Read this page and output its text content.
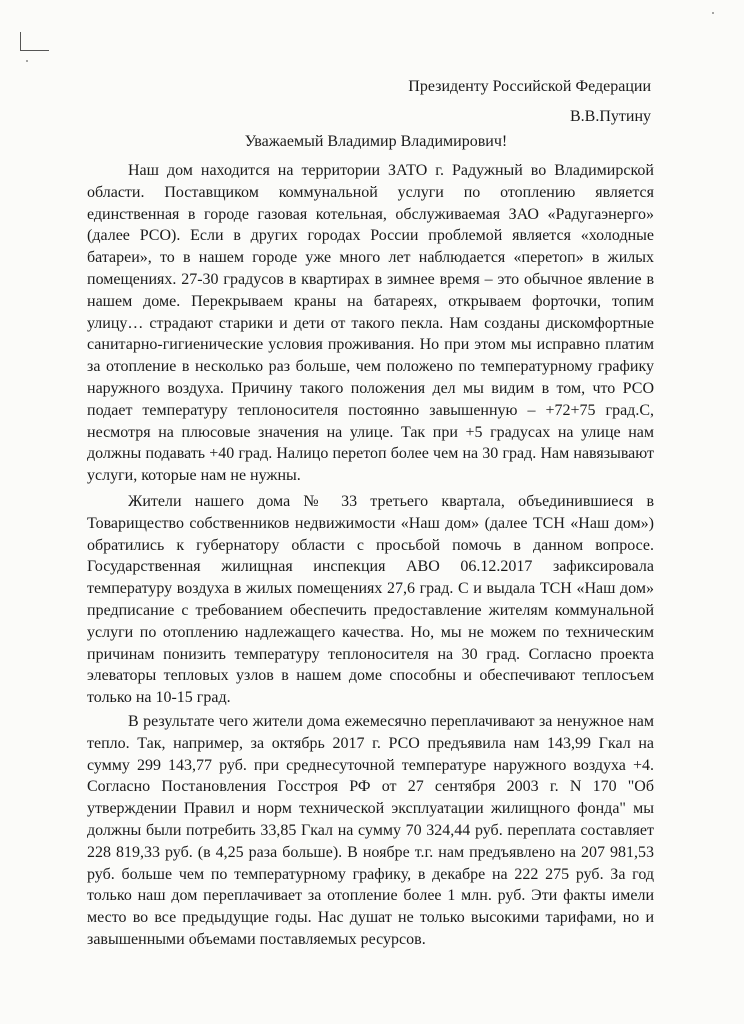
Президенту Российской Федерации
В.В.Путину
Уважаемый Владимир Владимирович!

Наш дом находится на территории ЗАТО г. Радужный во Владимирской области. Поставщиком коммунальной услуги по отоплению является единственная в городе газовая котельная, обслуживаемая ЗАО «Радугаэнерго» (далее РСО). Если в других городах России проблемой является «холодные батареи», то в нашем городе уже много лет наблюдается «перетоп» в жилых помещениях. 27-30 градусов в квартирах в зимнее время – это обычное явление в нашем доме. Перекрываем краны на батареях, открываем форточки, топим улицу… страдают старики и дети от такого пекла. Нам созданы дискомфортные санитарно-гигиенические условия проживания. Но при этом мы исправно платим за отопление в несколько раз больше, чем положено по температурному графику наружного воздуха. Причину такого положения дел мы видим в том, что РСО подает температуру теплоносителя постоянно завышенную – +72+75 град.С, несмотря на плюсовые значения на улице. Так при +5 градусах на улице нам должны подавать +40 град. Налицо перетоп более чем на 30 град. Нам навязывают услуги, которые нам не нужны.

Жители нашего дома № 33 третьего квартала, объединившиеся в Товарищество собственников недвижимости «Наш дом» (далее ТСН «Наш дом») обратились к губернатору области с просьбой помочь в данном вопросе. Государственная жилищная инспекция АВО 06.12.2017 зафиксировала температуру воздуха в жилых помещениях 27,6 град. С и выдала ТСН «Наш дом» предписание с требованием обеспечить предоставление жителям коммунальной услуги по отоплению надлежащего качества. Но, мы не можем по техническим причинам понизить температуру теплоносителя на 30 град. Согласно проекта элеваторы тепловых узлов в нашем доме способны и обеспечивают теплосъем только на 10-15 град.

В результате чего жители дома ежемесячно переплачивают за ненужное нам тепло. Так, например, за октябрь 2017 г. РСО предъявила нам 143,99 Гкал на сумму 299 143,77 руб. при среднесуточной температуре наружного воздуха +4. Согласно Постановления Госстроя РФ от 27 сентября 2003 г. N 170 "Об утверждении Правил и норм технической эксплуатации жилищного фонда" мы должны были потребить 33,85 Гкал на сумму 70 324,44 руб. переплата составляет 228 819,33 руб. (в 4,25 раза больше). В ноябре т.г. нам предъявлено на 207 981,53 руб. больше чем по температурному графику, в декабре на 222 275 руб. За год только наш дом переплачивает за отопление более 1 млн. руб. Эти факты имели место во все предыдущие годы. Нас душат не только высокими тарифами, но и завышенными объемами поставляемых ресурсов.
